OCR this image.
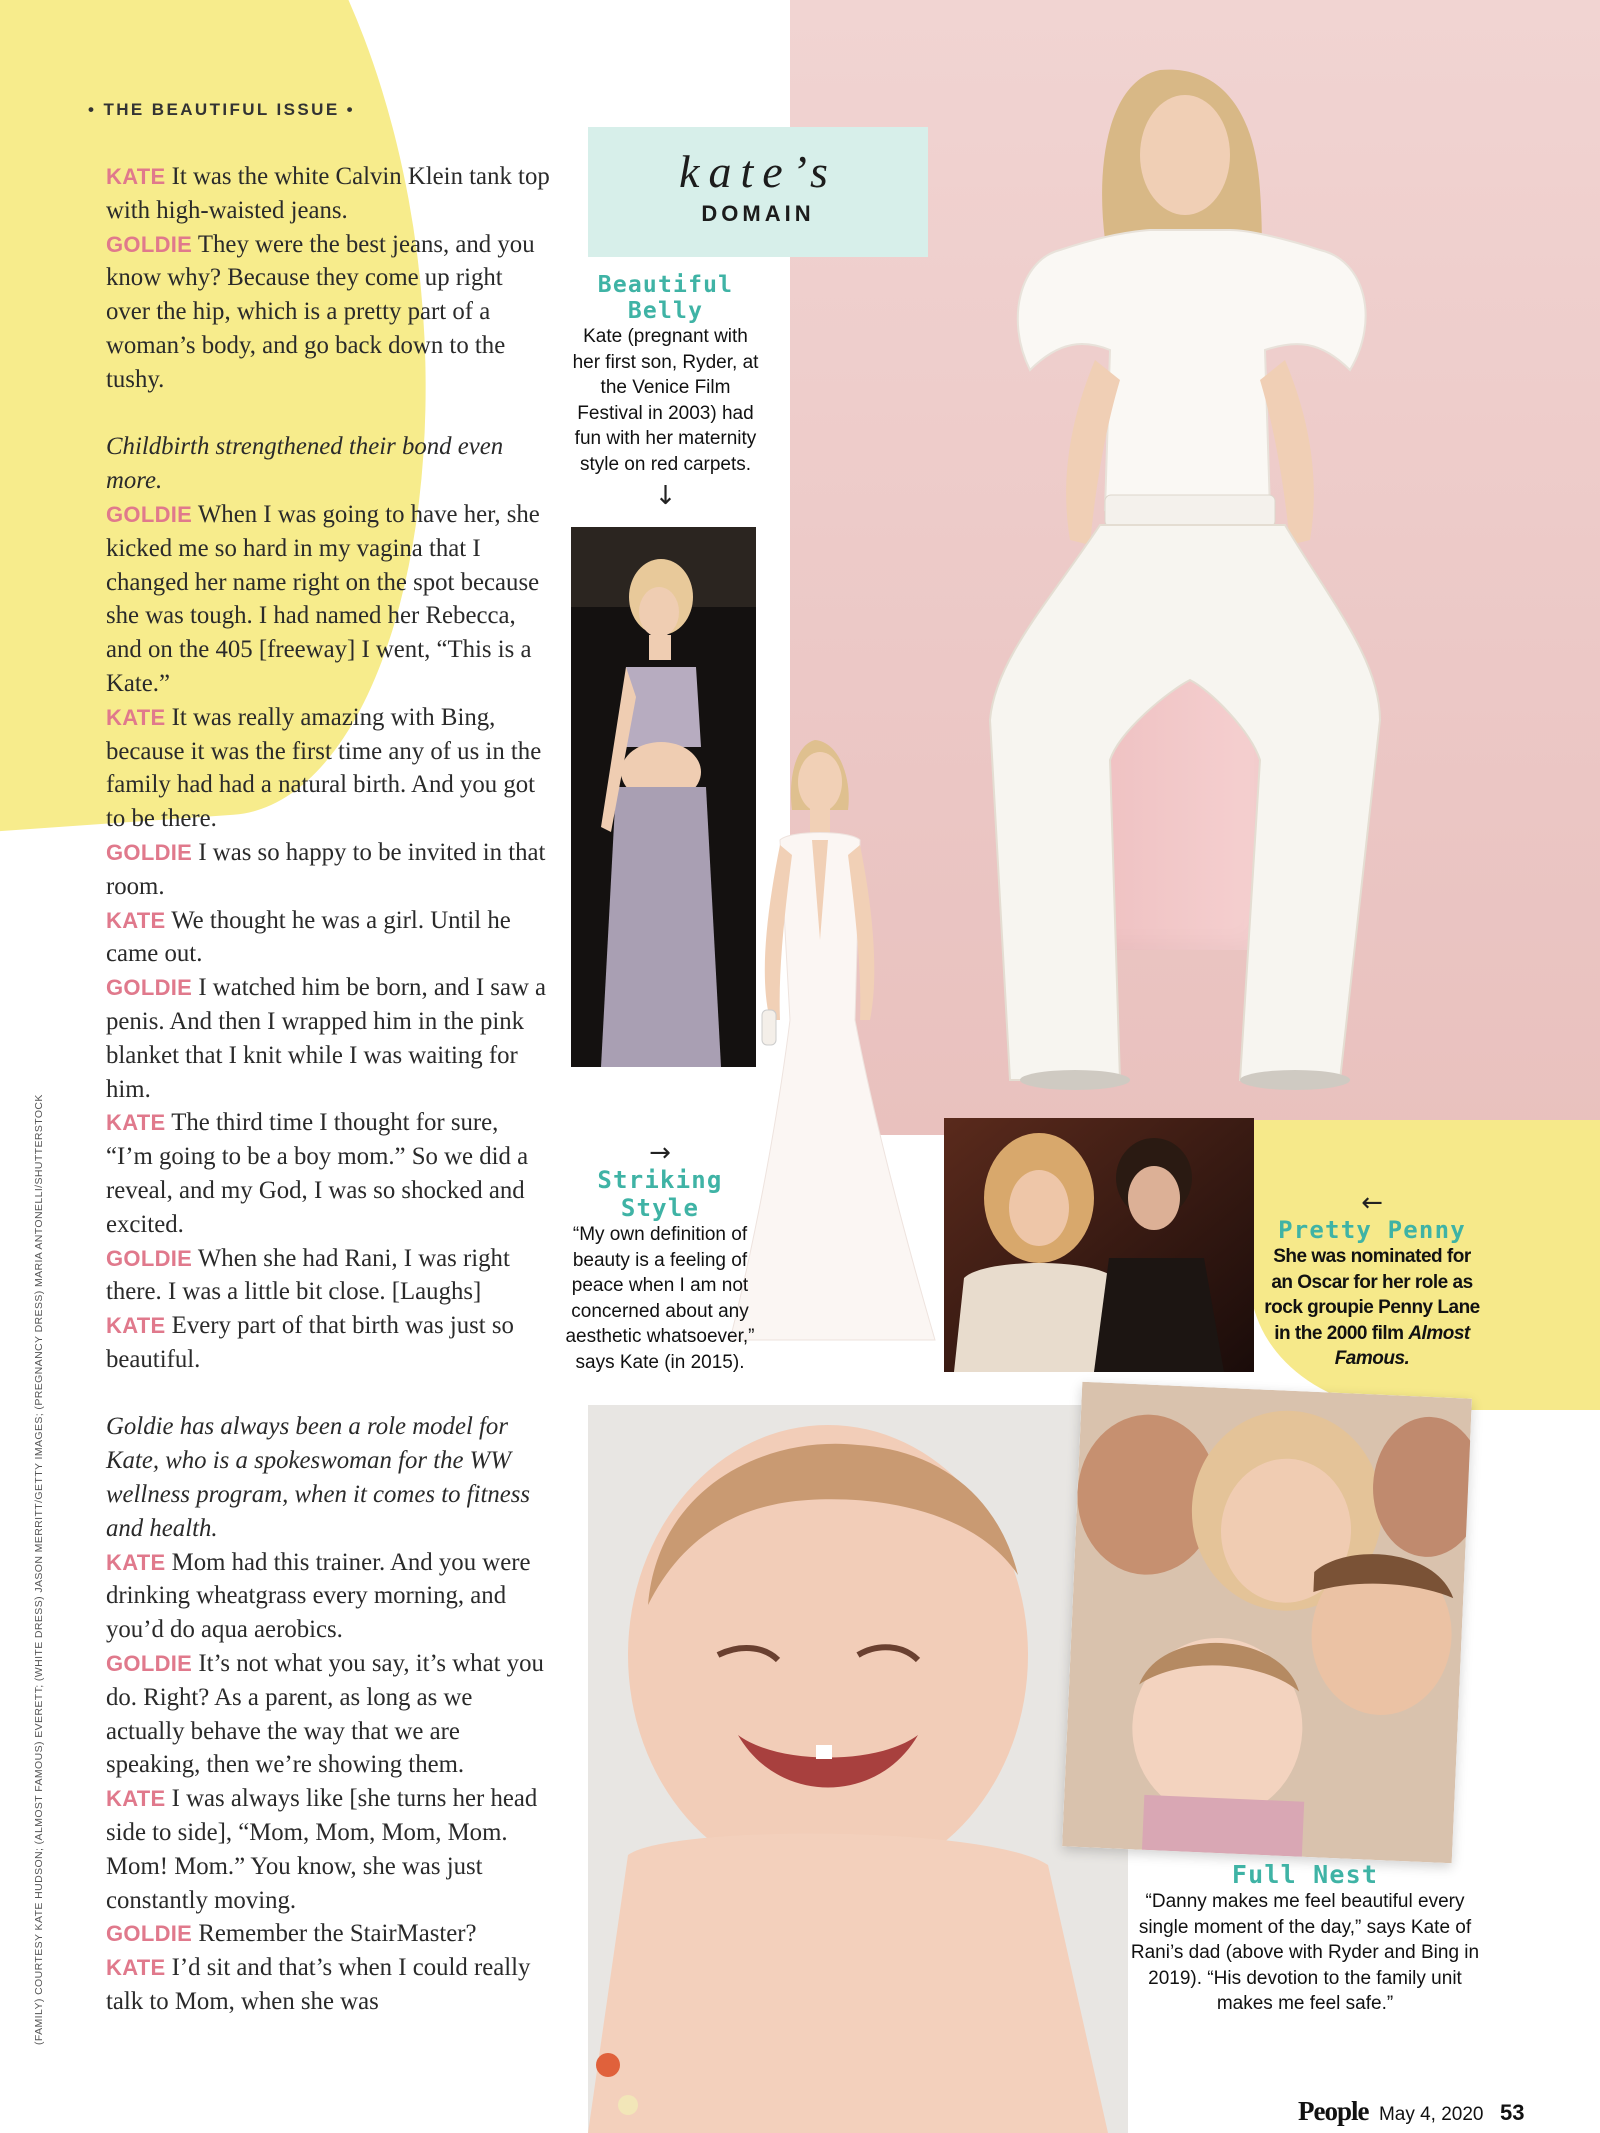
• THE BEAUTIFUL ISSUE •

KATE It was the white Calvin Klein tank top with high-waisted jeans.

GOLDIE They were the best jeans, and you know why? Because they come up right over the hip, which is a pretty part of a woman’s body, and go back down to the tushy.

Childbirth strengthened their bond even more.

GOLDIE When I was going to have her, she kicked me so hard in my vagina that I changed her name right on the spot because she was tough. I had named her Rebecca, and on the 405 [freeway] I went, “This is a Kate.”

KATE It was really amazing with Bing, because it was the first time any of us in the family had had a natural birth. And you got to be there.

GOLDIE I was so happy to be invited in that room.

KATE We thought he was a girl. Until he came out.

GOLDIE I watched him be born, and I saw a penis. And then I wrapped him in the pink blanket that I knit while I was waiting for him.

KATE The third time I thought for sure, “I’m going to be a boy mom.” So we did a reveal, and my God, I was so shocked and excited.

GOLDIE When she had Rani, I was right there. I was a little bit close. [Laughs]

KATE Every part of that birth was just so beautiful.

Goldie has always been a role model for Kate, who is a spokeswoman for the WW wellness program, when it comes to fitness and health.

KATE Mom had this trainer. And you were drinking wheatgrass every morning, and you’d do aqua aerobics.

GOLDIE It’s not what you say, it’s what you do. Right? As a parent, as long as we actually behave the way that we are speaking, then we’re showing them.

KATE I was always like [she turns her head side to side], “Mom, Mom, Mom, Mom. Mom! Mom.” You know, she was just constantly moving.

GOLDIE Remember the StairMaster?

KATE I’d sit and that’s when I could really talk to Mom, when she was

(FAMILY) COURTESY KATE HUDSON; (ALMOST FAMOUS) EVERETT; (WHITE DRESS) JASON MERRITT/GETTY IMAGES; (PREGNANCY DRESS) MARIA ANTONELLI/SHUTTERSTOCK
kate’s
DOMAIN
Beautiful Belly
Kate (pregnant with her first son, Ryder, at the Venice Film Festival in 2003) had fun with her maternity style on red carpets.
↓
→
Striking Style
“My own definition of beauty is a feeling of peace when I am not concerned about any aesthetic whatsoever,” says Kate (in 2015).
←
Pretty Penny
She was nominated for an Oscar for her role as rock groupie Penny Lane in the 2000 film Almost Famous.
Full Nest
“Danny makes me feel beautiful every single moment of the day,” says Kate of Rani’s dad (above with Ryder and Bing in 2019). “His devotion to the family unit makes me feel safe.”
People May 4, 2020 53
